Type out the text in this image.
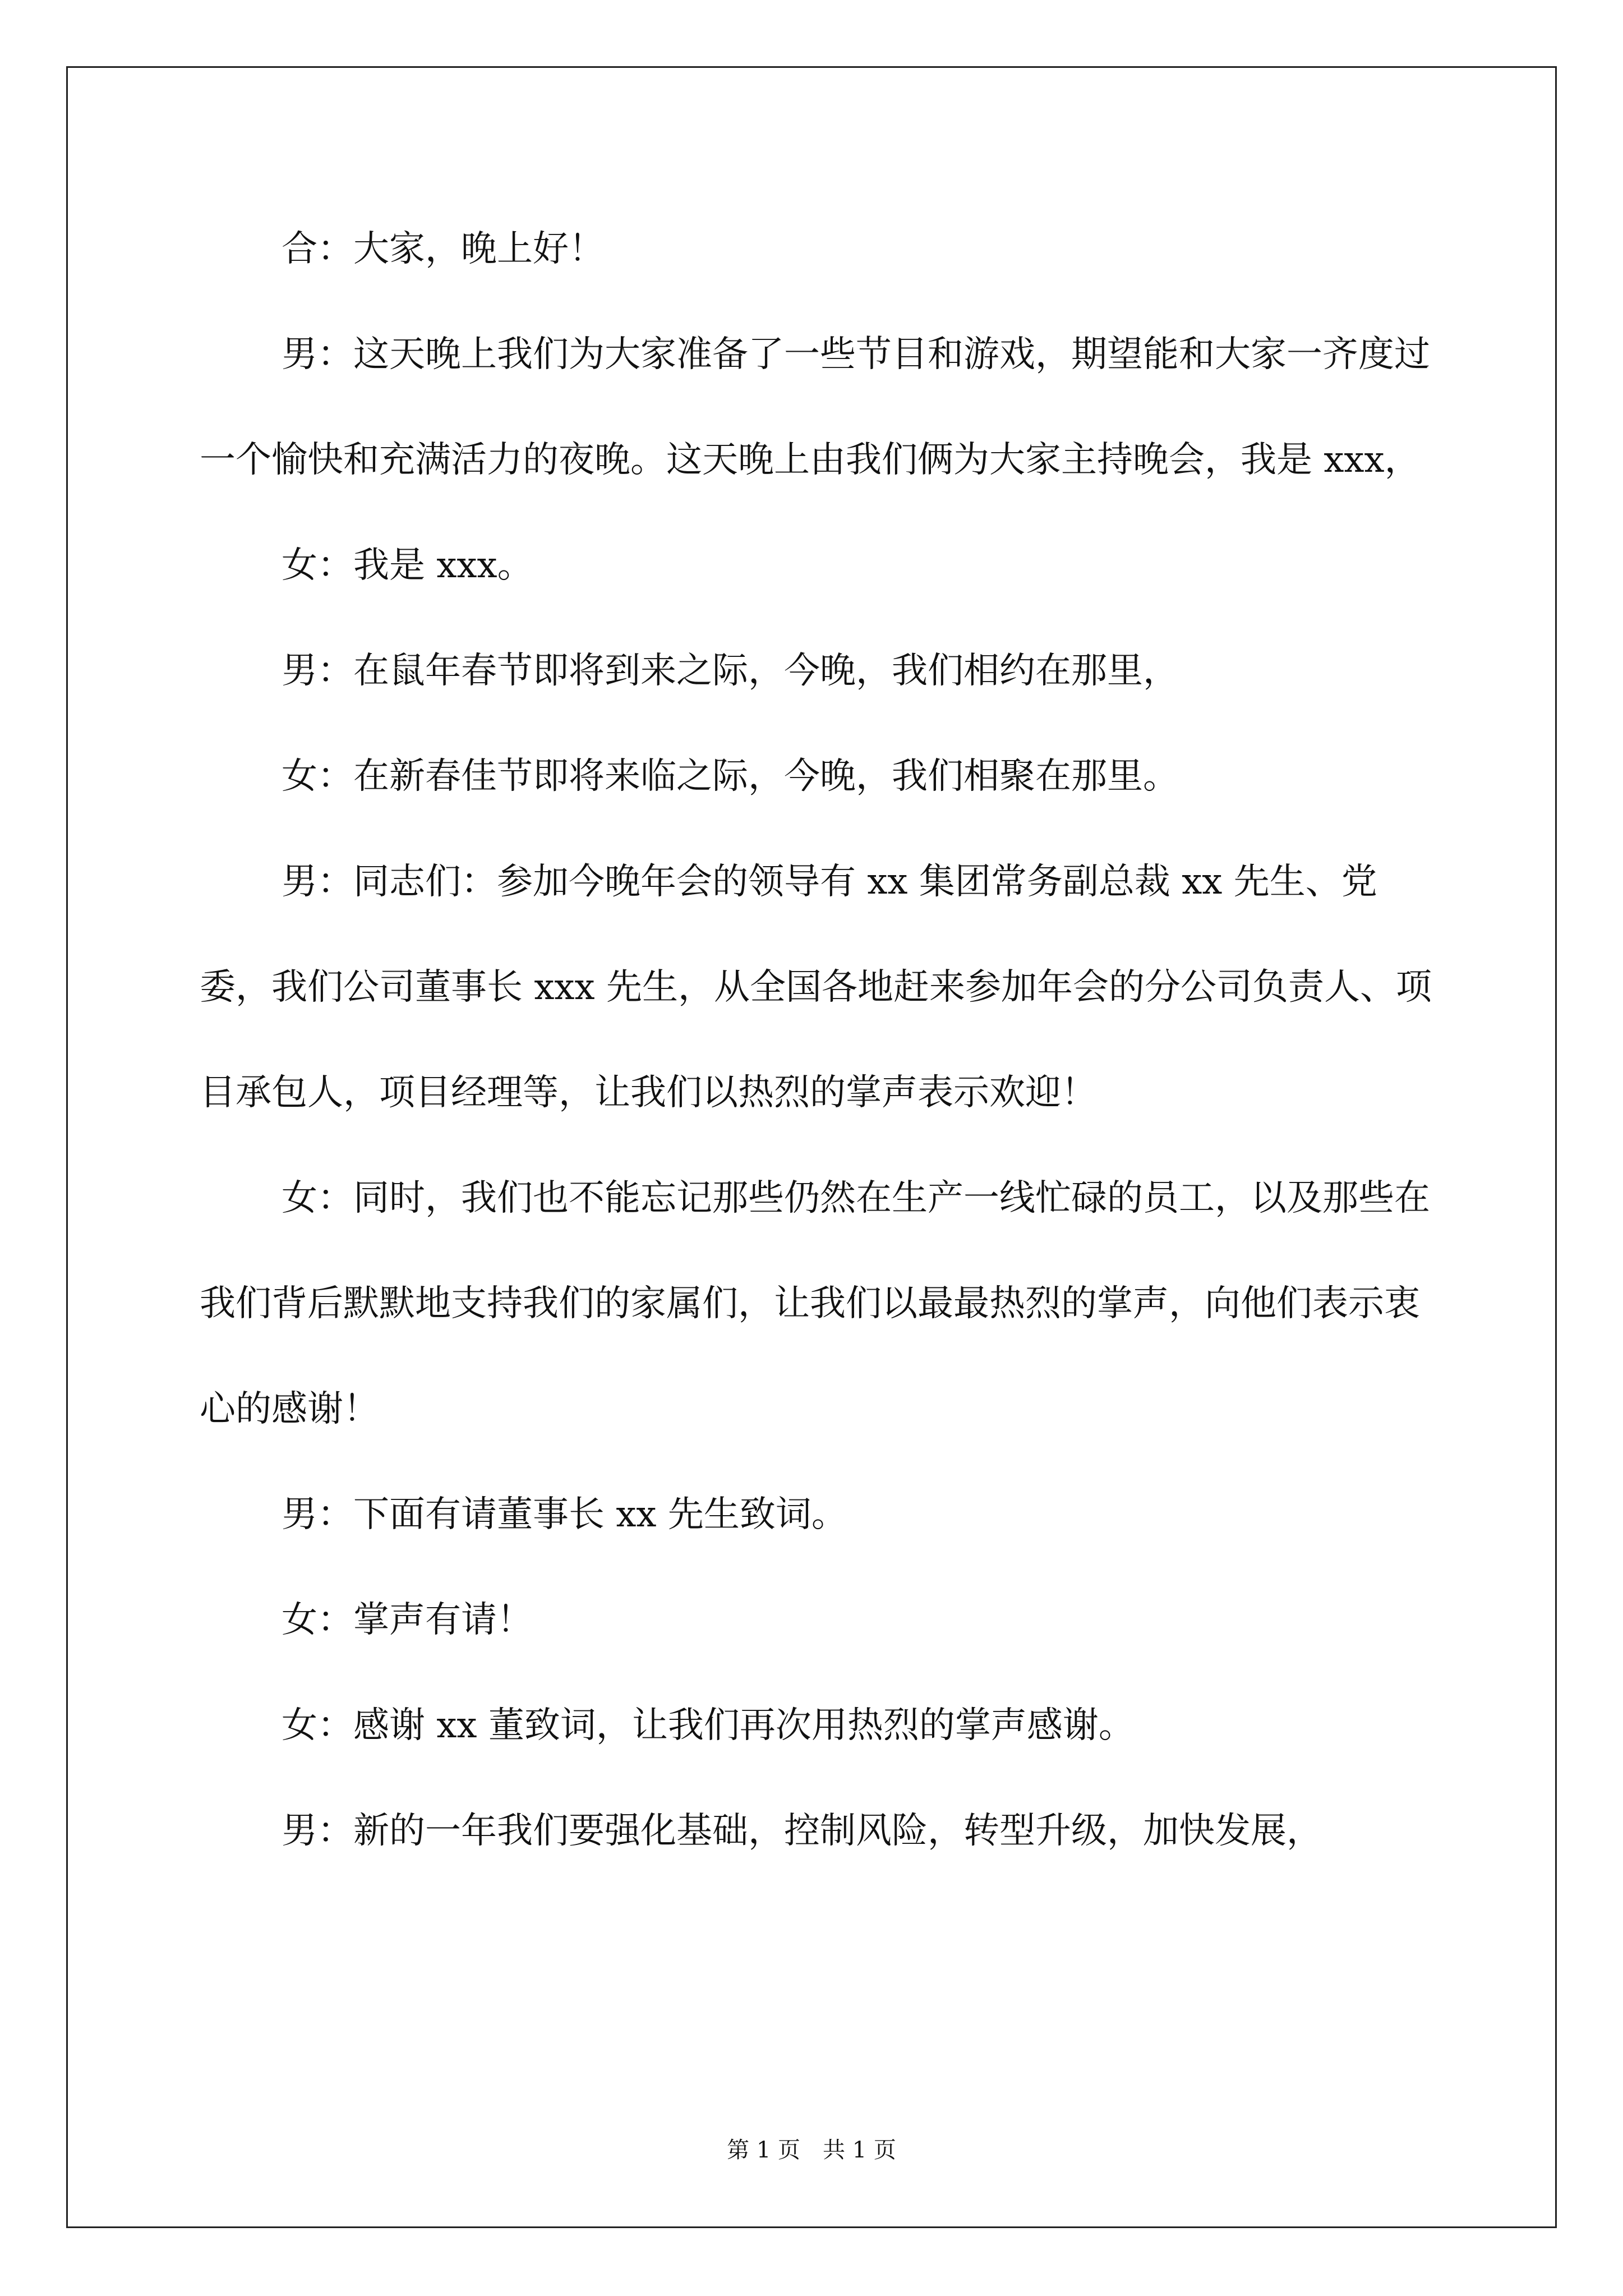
合：大家，晚上好！

男：这天晚上我们为大家准备了一些节目和游戏，期望能和大家一齐度过一个愉快和充满活力的夜晚。这天晚上由我们俩为大家主持晚会，我是 xxx，

女：我是 xxx。

男：在鼠年春节即将到来之际，今晚，我们相约在那里，

女：在新春佳节即将来临之际，今晚，我们相聚在那里。

男：同志们：参加今晚年会的领导有 xx 集团常务副总裁 xx 先生、党委，我们公司董事长 xxx 先生，从全国各地赶来参加年会的分公司负责人、项目承包人，项目经理等，让我们以热烈的掌声表示欢迎！

女：同时，我们也不能忘记那些仍然在生产一线忙碌的员工，以及那些在我们背后默默地支持我们的家属们，让我们以最最热烈的掌声，向他们表示衷心的感谢！

男：下面有请董事长 xx 先生致词。

女：掌声有请！

女：感谢 xx 董致词，让我们再次用热烈的掌声感谢。

男：新的一年我们要强化基础，控制风险，转型升级，加快发展，

第 1 页　共 1 页
